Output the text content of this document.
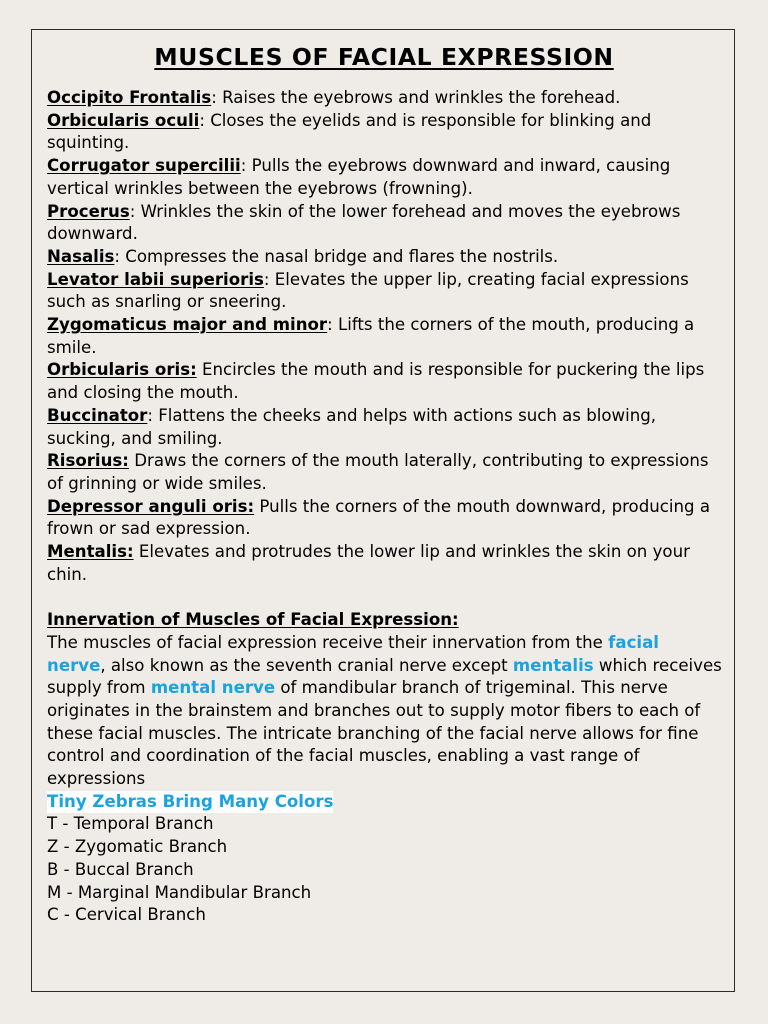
MUSCLES OF FACIAL EXPRESSION

Occipito Frontalis: Raises the eyebrows and wrinkles the forehead.

Orbicularis oculi: Closes the eyelids and is responsible for blinking and squinting.

Corrugator supercilii: Pulls the eyebrows downward and inward, causing vertical wrinkles between the eyebrows (frowning).

Procerus: Wrinkles the skin of the lower forehead and moves the eyebrows downward.

Nasalis: Compresses the nasal bridge and flares the nostrils.

Levator labii superioris: Elevates the upper lip, creating facial expressions such as snarling or sneering.

Zygomaticus major and minor: Lifts the corners of the mouth, producing a smile.

Orbicularis oris: Encircles the mouth and is responsible for puckering the lips and closing the mouth.

Buccinator: Flattens the cheeks and helps with actions such as blowing, sucking, and smiling.

Risorius: Draws the corners of the mouth laterally, contributing to expressions of grinning or wide smiles.

Depressor anguli oris: Pulls the corners of the mouth downward, producing a frown or sad expression.

Mentalis: Elevates and protrudes the lower lip and wrinkles the skin on your chin.

Innervation of Muscles of Facial Expression:

The muscles of facial expression receive their innervation from the facial nerve, also known as the seventh cranial nerve except mentalis which receives supply from mental nerve of mandibular branch of trigeminal. This nerve originates in the brainstem and branches out to supply motor fibers to each of these facial muscles. The intricate branching of the facial nerve allows for fine control and coordination of the facial muscles, enabling a vast range of expressions

Tiny Zebras Bring Many Colors

T - Temporal Branch

Z - Zygomatic Branch

B - Buccal Branch

M - Marginal Mandibular Branch

C - Cervical Branch
